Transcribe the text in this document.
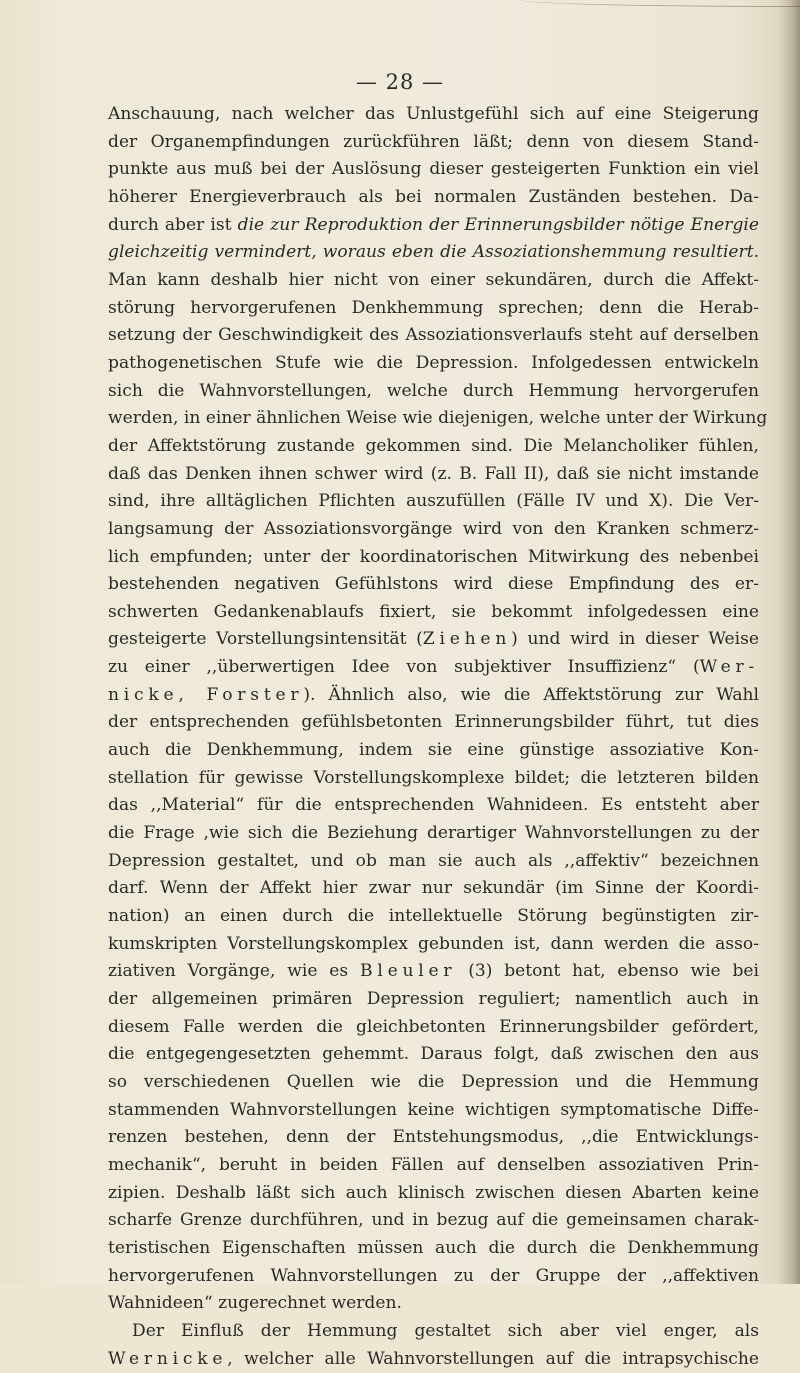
— 28 —
Anschauung, nach welcher das Unlustgefühl sich auf eine Steigerung
der Organempfindungen zurückführen läßt; denn von diesem Stand-
punkte aus muß bei der Auslösung dieser gesteigerten Funktion ein viel
höherer Energieverbrauch als bei normalen Zuständen bestehen. Da-
durch aber ist die zur Reproduktion der Erinnerungsbilder nötige Energie
gleichzeitig vermindert, woraus eben die Assoziationshemmung resultiert.
Man kann deshalb hier nicht von einer sekundären, durch die Affekt-
störung hervorgerufenen Denkhemmung sprechen; denn die Herab-
setzung der Geschwindigkeit des Assoziationsverlaufs steht auf derselben
pathogenetischen Stufe wie die Depression. Infolgedessen entwickeln
sich die Wahnvorstellungen, welche durch Hemmung hervorgerufen
werden, in einer ähnlichen Weise wie diejenigen, welche unter der Wirkung
der Affektstörung zustande gekommen sind. Die Melancholiker fühlen,
daß das Denken ihnen schwer wird (z. B. Fall II), daß sie nicht imstande
sind, ihre alltäglichen Pflichten auszufüllen (Fälle IV und X). Die Ver-
langsamung der Assoziationsvorgänge wird von den Kranken schmerz-
lich empfunden; unter der koordinatorischen Mitwirkung des nebenbei
bestehenden negativen Gefühlstons wird diese Empfindung des er-
schwerten Gedankenablaufs fixiert, sie bekommt infolgedessen eine
gesteigerte Vorstellungsintensität (Ziehen) und wird in dieser Weise
zu einer ,,überwertigen Idee von subjektiver Insuffizienz“ (Wer-
nicke, Forster). Ähnlich also, wie die Affektstörung zur Wahl
der entsprechenden gefühlsbetonten Erinnerungsbilder führt, tut dies
auch die Denkhemmung, indem sie eine günstige assoziative Kon-
stellation für gewisse Vorstellungskomplexe bildet; die letzteren bilden
das ,,Material“ für die entsprechenden Wahnideen. Es entsteht aber
die Frage ,wie sich die Beziehung derartiger Wahnvorstellungen zu der
Depression gestaltet, und ob man sie auch als ,,affektiv“ bezeichnen
darf. Wenn der Affekt hier zwar nur sekundär (im Sinne der Koordi-
nation) an einen durch die intellektuelle Störung begünstigten zir-
kumskripten Vorstellungskomplex gebunden ist, dann werden die asso-
ziativen Vorgänge, wie es Bleuler (3) betont hat, ebenso wie bei
der allgemeinen primären Depression reguliert; namentlich auch in
diesem Falle werden die gleichbetonten Erinnerungsbilder gefördert,
die entgegengesetzten gehemmt. Daraus folgt, daß zwischen den aus
so verschiedenen Quellen wie die Depression und die Hemmung
stammenden Wahnvorstellungen keine wichtigen symptomatische Diffe-
renzen bestehen, denn der Entstehungsmodus, ,,die Entwicklungs-
mechanik“, beruht in beiden Fällen auf denselben assoziativen Prin-
zipien. Deshalb läßt sich auch klinisch zwischen diesen Abarten keine
scharfe Grenze durchführen, und in bezug auf die gemeinsamen charak-
teristischen Eigenschaften müssen auch die durch die Denkhemmung
hervorgerufenen Wahnvorstellungen zu der Gruppe der ,,affektiven
Wahnideen“ zugerechnet werden.
Der Einfluß der Hemmung gestaltet sich aber viel enger, als
Wernicke, welcher alle Wahnvorstellungen auf die intrapsychische
